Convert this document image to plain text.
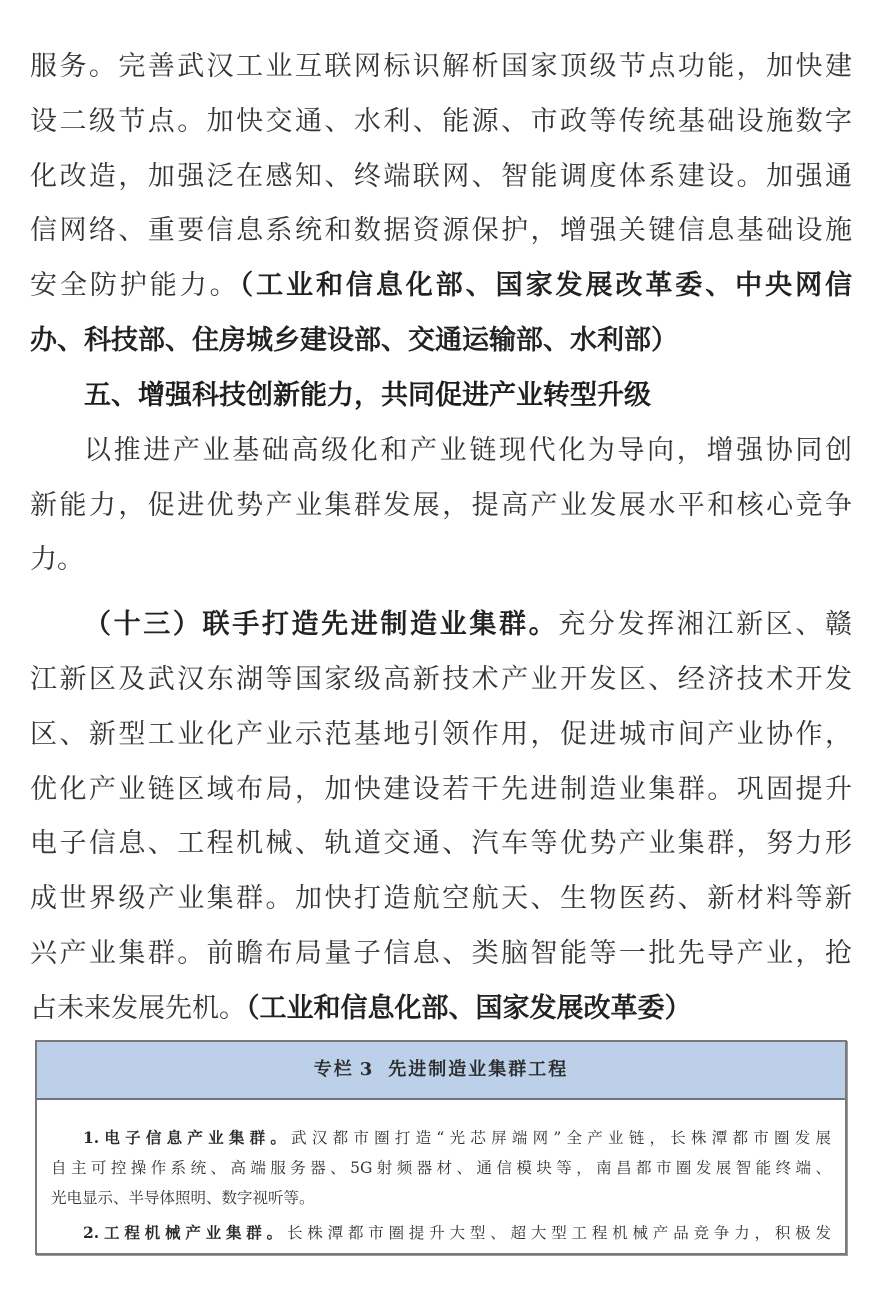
服务。完善武汉工业互联网标识解析国家顶级节点功能，加快建
设二级节点。加快交通、水利、能源、市政等传统基础设施数字
化改造，加强泛在感知、终端联网、智能调度体系建设。加强通
信网络、重要信息系统和数据资源保护，增强关键信息基础设施
安全防护能力。（工业和信息化部、国家发展改革委、中央网信
办、科技部、住房城乡建设部、交通运输部、水利部）
五、增强科技创新能力，共同促进产业转型升级
以推进产业基础高级化和产业链现代化为导向，增强协同创
新能力，促进优势产业集群发展，提高产业发展水平和核心竞争
力。
（十三）联手打造先进制造业集群。充分发挥湘江新区、赣
江新区及武汉东湖等国家级高新技术产业开发区、经济技术开发
区、新型工业化产业示范基地引领作用，促进城市间产业协作，
优化产业链区域布局，加快建设若干先进制造业集群。巩固提升
电子信息、工程机械、轨道交通、汽车等优势产业集群，努力形
成世界级产业集群。加快打造航空航天、生物医药、新材料等新
兴产业集群。前瞻布局量子信息、类脑智能等一批先导产业，抢
占未来发展先机。（工业和信息化部、国家发展改革委）
专栏 3 先进制造业集群工程
1.电子信息产业集群。武汉都市圈打造“光芯屏端网”全产业链，长株潭都市圈发展
自主可控操作系统、高端服务器、5G射频器材、通信模块等，南昌都市圈发展智能终端、
光电显示、半导体照明、数字视听等。
2.工程机械产业集群。长株潭都市圈提升大型、超大型工程机械产品竞争力，积极发
